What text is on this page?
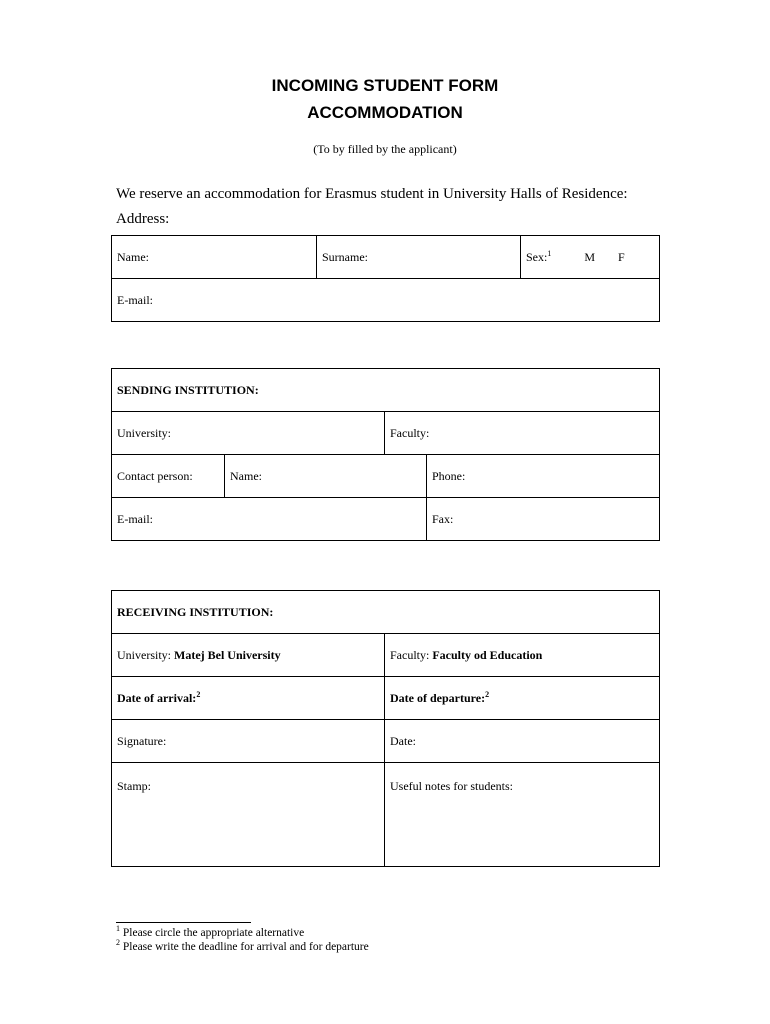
INCOMING STUDENT FORM
ACCOMMODATION
(To by filled by the applicant)
We reserve an accommodation for Erasmus student in University Halls of Residence:
Address:
Name:	Surname:	Sex:$^1$	M F
E-mail:
SENDING INSTITUTION:			
University:		Faculty:	
Contact person:	Name:		Phone:
E-mail:			Fax:
RECEIVING INSTITUTION:	
University: Matej Bel University	Faculty: Faculty od Education
Date of arrival:$^2$	Date of departure:$^2$
Signature:	Date:
Stamp:	Useful notes for students:
$^1$ Please circle the appropriate alternative
$^2$ Please write the deadline for arrival and for departure
